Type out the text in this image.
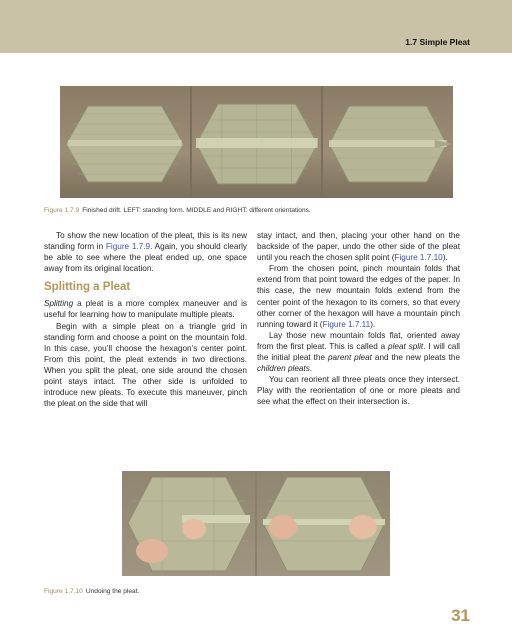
1.7 Simple Pleat
Figure 1.7.9 Finished drift. LEFT: standing form. MIDDLE and RIGHT: different orientations.

To show the new location of the pleat, this is its new standing form in Figure 1.7.9. Again, you should clearly be able to see where the pleat ended up, one space away from its original location.

Splitting a Pleat

Splitting a pleat is a more complex maneuver and is useful for learning how to manipulate multiple pleats.

Begin with a simple pleat on a triangle grid in standing form and choose a point on the mountain fold. In this case, you’ll choose the hexagon’s center point. From this point, the pleat extends in two directions. When you split the pleat, one side around the chosen point stays intact. The other side is unfolded to introduce new pleats. To execute this maneuver, pinch the pleat on the side that will

stay intact, and then, placing your other hand on the backside of the paper, undo the other side of the pleat until you reach the chosen split point (Figure 1.7.10).

From the chosen point, pinch mountain folds that extend from that point toward the edges of the paper. In this case, the new mountain folds extend from the center point of the hexagon to its corners, so that every other corner of the hexagon will have a mountain pinch running toward it (Figure 1.7.11).

Lay those new mountain folds flat, oriented away from the first pleat. This is called a pleat split. I will call the initial pleat the parent pleat and the new pleats the children pleats.

You can reorient all three pleats once they intersect. Play with the reorientation of one or more pleats and see what the effect on their intersection is.

Figure 1.7.10 Undoing the pleat.
31
